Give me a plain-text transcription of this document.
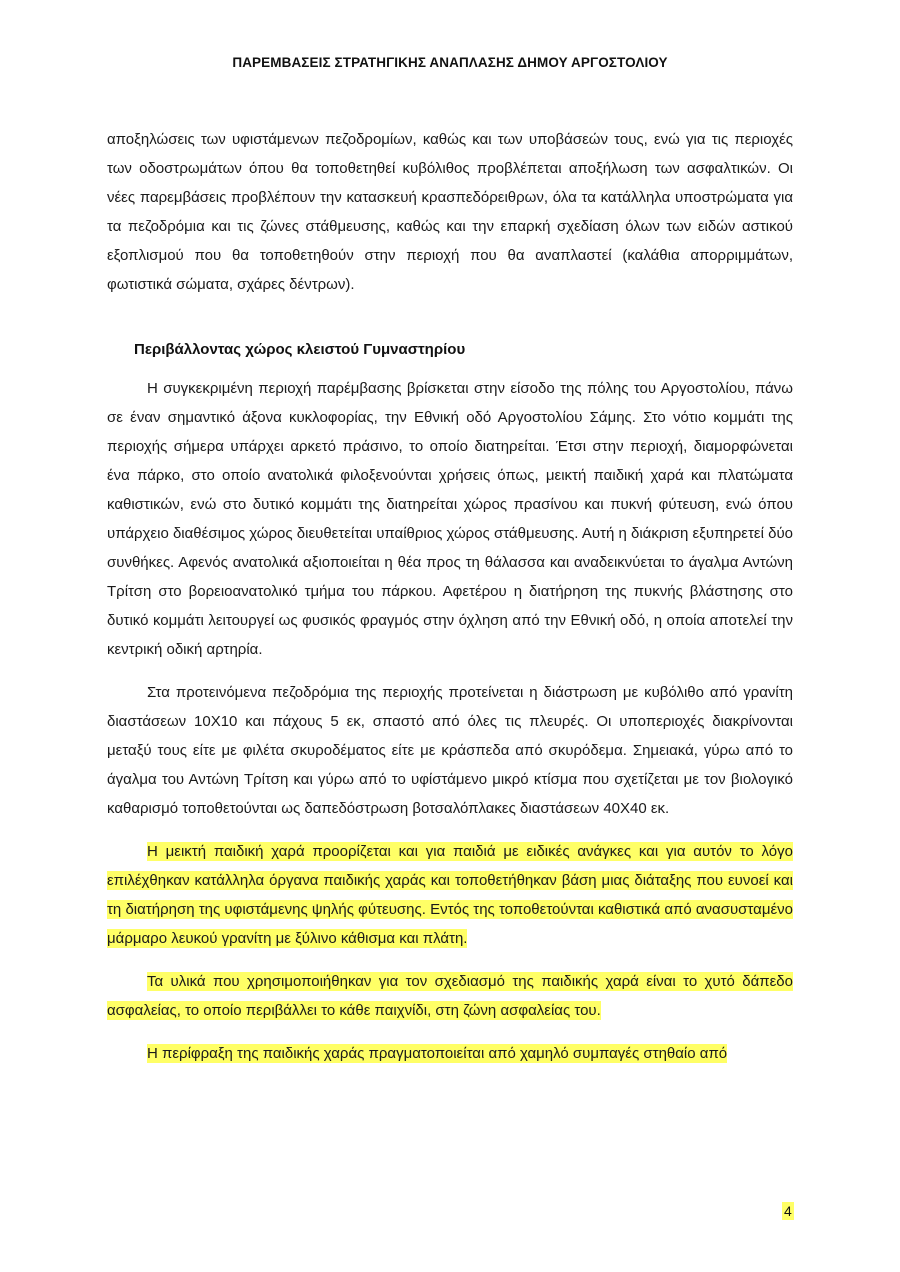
ΠΑΡΕΜΒΑΣΕΙΣ ΣΤΡΑΤΗΓΙΚΗΣ ΑΝΑΠΛΑΣΗΣ ΔΗΜΟΥ ΑΡΓΟΣΤΟΛΙΟΥ

αποξηλώσεις των υφιστάμενων πεζοδρομίων, καθώς και των υποβάσεών τους, ενώ για τις περιοχές των οδοστρωμάτων όπου θα τοποθετηθεί κυβόλιθος προβλέπεται αποξήλωση των ασφαλτικών. Οι νέες παρεμβάσεις προβλέπουν την κατασκευή κρασπεδόρειθρων, όλα τα κατάλληλα υποστρώματα για τα πεζοδρόμια και τις ζώνες στάθμευσης, καθώς και την επαρκή σχεδίαση όλων των ειδών αστικού εξοπλισμού που θα τοποθετηθούν στην περιοχή που θα αναπλαστεί (καλάθια απορριμμάτων, φωτιστικά σώματα, σχάρες δέντρων).

Περιβάλλοντας χώρος κλειστού Γυμναστηρίου

Η συγκεκριμένη περιοχή παρέμβασης βρίσκεται στην είσοδο της πόλης του Αργοστολίου, πάνω σε έναν σημαντικό άξονα κυκλοφορίας, την Εθνική οδό Αργοστολίου Σάμης. Στο νότιο κομμάτι της περιοχής σήμερα υπάρχει αρκετό πράσινο, το οποίο διατηρείται. Έτσι στην περιοχή, διαμορφώνεται ένα πάρκο, στο οποίο ανατολικά φιλοξενούνται χρήσεις όπως, μεικτή παιδική χαρά και πλατώματα καθιστικών, ενώ στο δυτικό κομμάτι της διατηρείται χώρος πρασίνου και πυκνή φύτευση, ενώ όπου υπάρχειο διαθέσιμος χώρος διευθετείται υπαίθριος χώρος στάθμευσης. Αυτή η διάκριση εξυπηρετεί δύο συνθήκες. Αφενός ανατολικά αξιοποιείται η θέα προς τη θάλασσα και αναδεικνύεται το άγαλμα Αντώνη Τρίτση στο βορειοανατολικό τμήμα του πάρκου. Αφετέρου η διατήρηση της πυκνής βλάστησης στο δυτικό κομμάτι λειτουργεί ως φυσικός φραγμός στην όχληση από την Εθνική οδό, η οποία αποτελεί την κεντρική οδική αρτηρία.

Στα προτεινόμενα πεζοδρόμια της περιοχής προτείνεται η διάστρωση με κυβόλιθο από γρανίτη διαστάσεων 10Χ10 και πάχους 5 εκ, σπαστό από όλες τις πλευρές. Οι υποπεριοχές διακρίνονται μεταξύ τους είτε με φιλέτα σκυροδέματος είτε με κράσπεδα από σκυρόδεμα. Σημειακά, γύρω από το άγαλμα του Αντώνη Τρίτση και γύρω από το υφίστάμενο μικρό κτίσμα που σχετίζεται με τον βιολογικό καθαρισμό τοποθετούνται ως δαπεδόστρωση βοτσαλόπλακες διαστάσεων 40Χ40 εκ.

Η μεικτή παιδική χαρά προορίζεται και για παιδιά με ειδικές ανάγκες και για αυτόν το λόγο επιλέχθηκαν κατάλληλα όργανα παιδικής χαράς και τοποθετήθηκαν βάση μιας διάταξης που ευνοεί και τη διατήρηση της υφιστάμενης ψηλής φύτευσης. Εντός της τοποθετούνται καθιστικά από ανασυσταμένο μάρμαρο λευκού γρανίτη με ξύλινο κάθισμα και πλάτη.

Τα υλικά που χρησιμοποιήθηκαν για τον σχεδιασμό της παιδικής χαρά είναι το χυτό δάπεδο ασφαλείας, το οποίο περιβάλλει το κάθε παιχνίδι, στη ζώνη ασφαλείας του.

Η περίφραξη της παιδικής χαράς πραγματοποιείται από χαμηλό συμπαγές στηθαίο από

4
